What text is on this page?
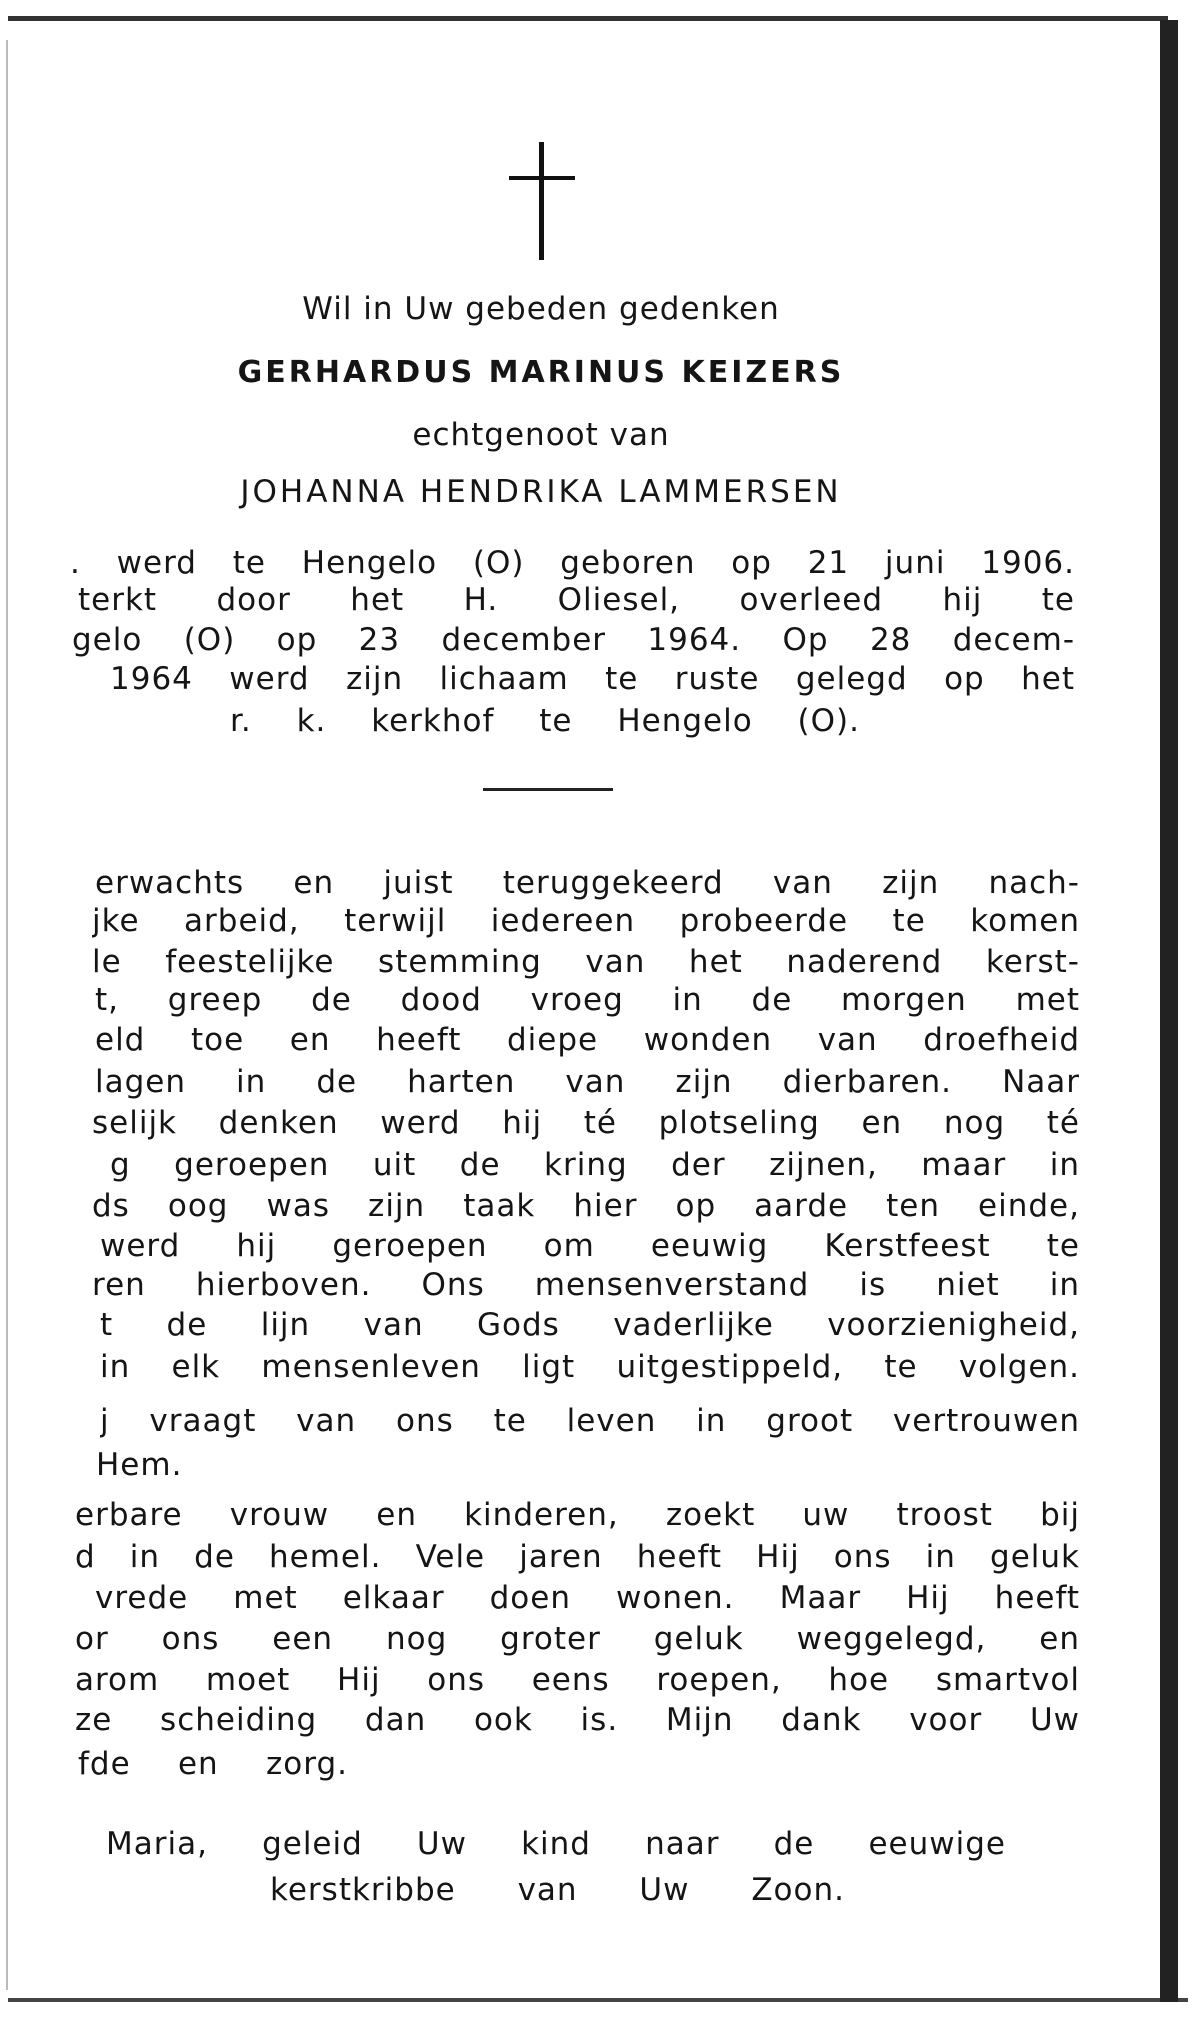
Wil in Uw gebeden gedenken
GERHARDUS MARINUS KEIZERS
echtgenoot van
JOHANNA HENDRIKA LAMMERSEN
. werd te Hengelo (O) geboren op 21 juni 1906.
terkt door het H. Oliesel, overleed hij te
gelo (O) op 23 december 1964. Op 28 decem-
1964 werd zijn lichaam te ruste gelegd op het
r. k. kerkhof te Hengelo (O).
erwachts en juist teruggekeerd van zijn nach-
jke arbeid, terwijl iedereen probeerde te komen
le feestelijke stemming van het naderend kerst-
t, greep de dood vroeg in de morgen met
eld toe en heeft diepe wonden van droefheid
lagen in de harten van zijn dierbaren. Naar
selijk denken werd hij té plotseling en nog té
g geroepen uit de kring der zijnen, maar in
ds oog was zijn taak hier op aarde ten einde,
werd hij geroepen om eeuwig Kerstfeest te
ren hierboven. Ons mensenverstand is niet in
t de lijn van Gods vaderlijke voorzienigheid,
in elk mensenleven ligt uitgestippeld, te volgen.
j vraagt van ons te leven in groot vertrouwen
Hem.
erbare vrouw en kinderen, zoekt uw troost bij
d in de hemel. Vele jaren heeft Hij ons in geluk
vrede met elkaar doen wonen. Maar Hij heeft
or ons een nog groter geluk weggelegd, en
arom moet Hij ons eens roepen, hoe smartvol
ze scheiding dan ook is. Mijn dank voor Uw
fde en zorg.
Maria, geleid Uw kind naar de eeuwige
kerstkribbe van Uw Zoon.
